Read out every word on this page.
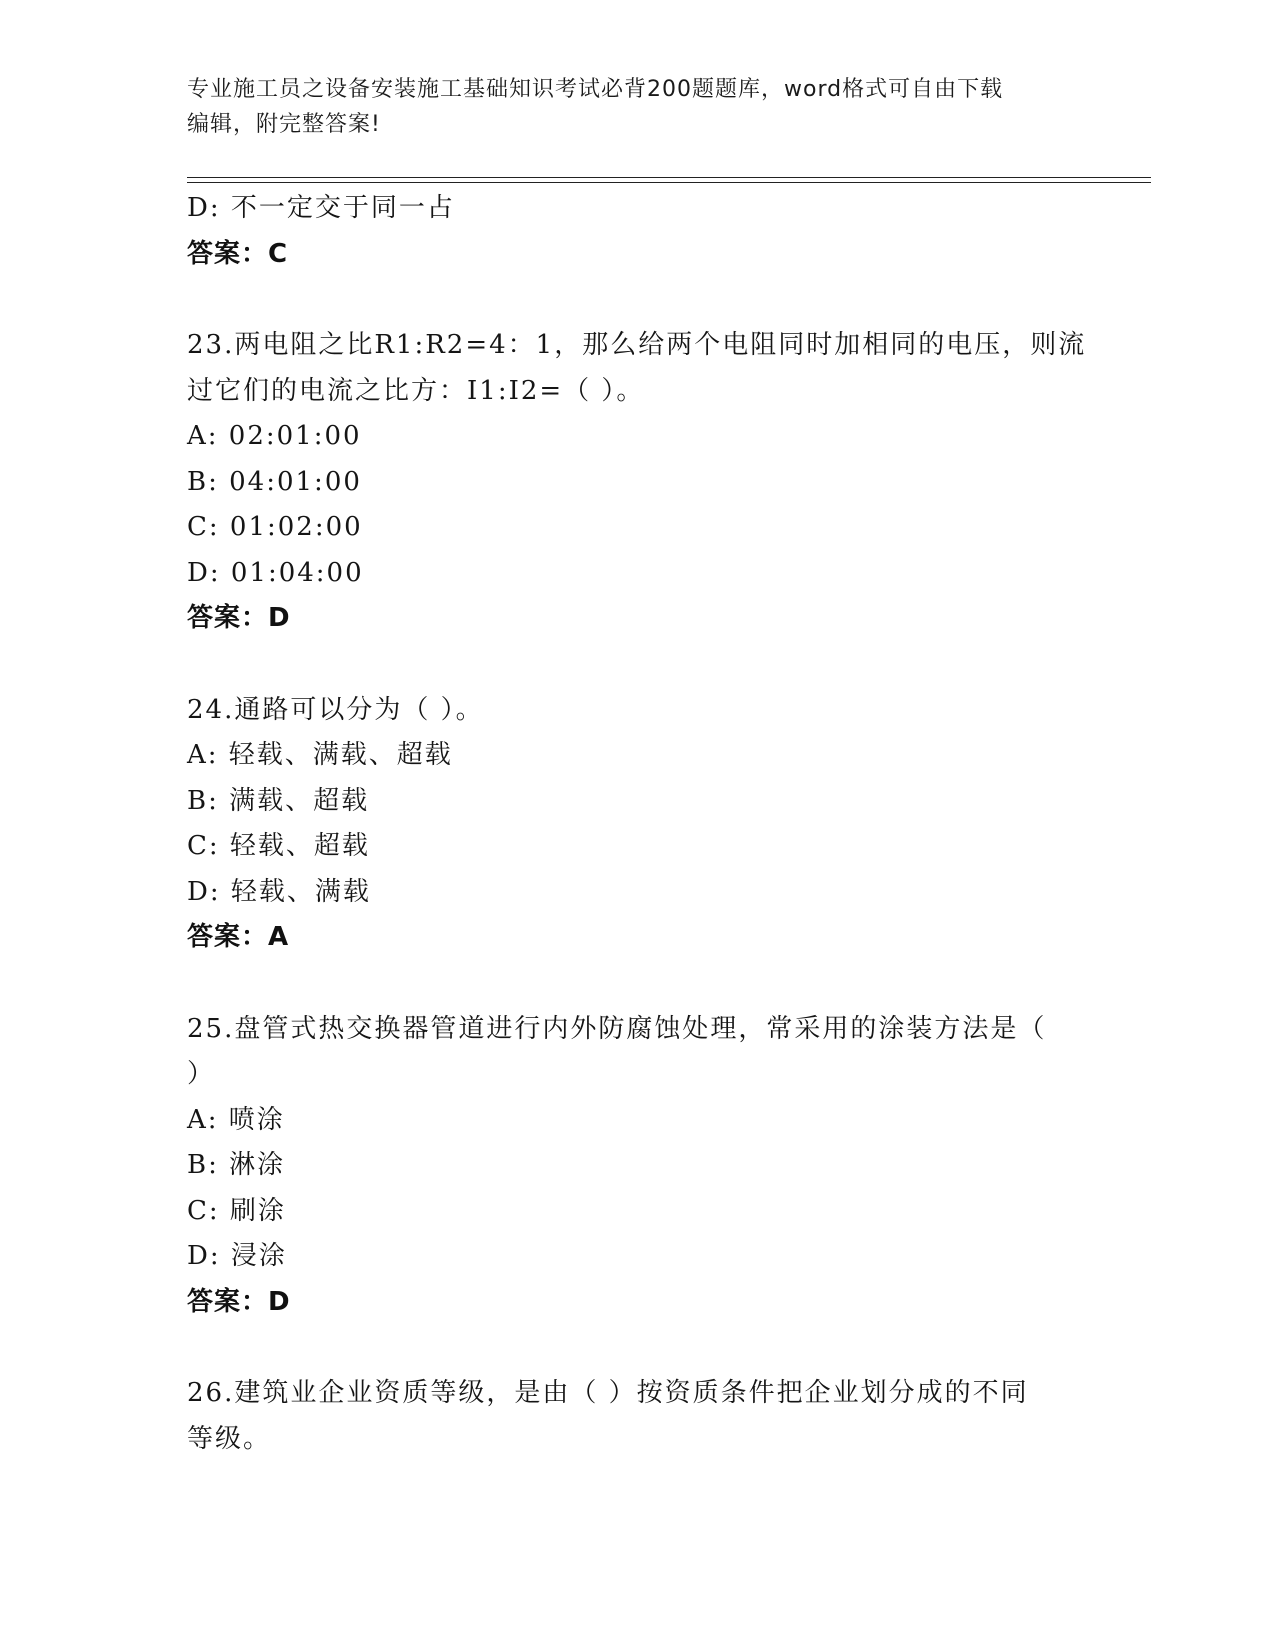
专业施工员之设备安装施工基础知识考试必背200题题库，word格式可自由下载
编辑，附完整答案!
D: 不一定交于同一占
答案：C
23.两电阻之比R1:R2=4：1，那么给两个电阻同时加相同的电压，则流
过它们的电流之比方：I1:I2=（ ）。
A: 02:01:00
B: 04:01:00
C: 01:02:00
D: 01:04:00
答案：D
24.通路可以分为（ ）。
A: 轻载、满载、超载
B: 满载、超载
C: 轻载、超载
D: 轻载、满载
答案：A
25.盘管式热交换器管道进行内外防腐蚀处理，常采用的涂装方法是（
）
A: 喷涂
B: 淋涂
C: 刷涂
D: 浸涂
答案：D
26.建筑业企业资质等级，是由（ ）按资质条件把企业划分成的不同
等级。
